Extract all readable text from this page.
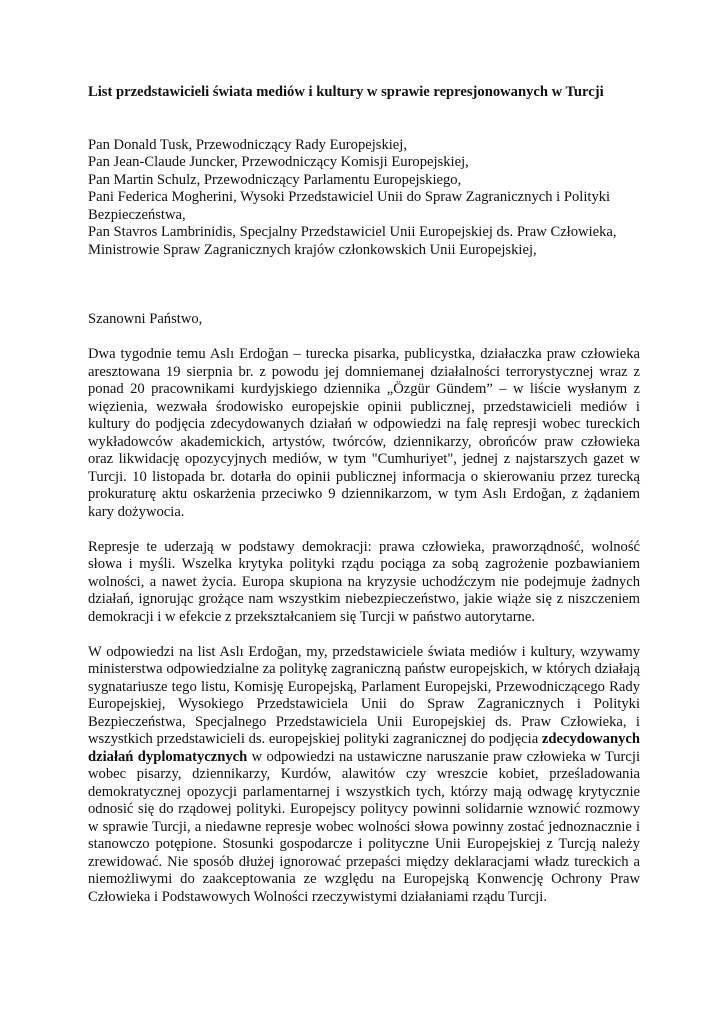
List przedstawicieli świata mediów i kultury w sprawie represjonowanych w Turcji

Pan Donald Tusk, Przewodniczący Rady Europejskiej,
Pan Jean-Claude Juncker, Przewodniczący Komisji Europejskiej,
Pan Martin Schulz, Przewodniczący Parlamentu Europejskiego,
Pani Federica Mogherini, Wysoki Przedstawiciel Unii do Spraw Zagranicznych i Polityki Bezpieczeństwa,
Pan Stavros Lambrinidis, Specjalny Przedstawiciel Unii Europejskiej ds. Praw Człowieka,
Ministrowie Spraw Zagranicznych krajów członkowskich Unii Europejskiej,
Szanowni Państwo,
Dwa tygodnie temu Aslı Erdoğan – turecka pisarka, publicystka, działaczka praw człowieka aresztowana 19 sierpnia br. z powodu jej domniemanej działalności terrorystycznej wraz z ponad 20 pracownikami kurdyjskiego dziennika „Özgür Gündem” – w liście wysłanym z więzienia, wezwała środowisko europejskie opinii publicznej, przedstawicieli mediów i kultury do podjęcia zdecydowanych działań w odpowiedzi na falę represji wobec tureckich wykładowców akademickich, artystów, twórców, dziennikarzy, obrońców praw człowieka oraz likwidację opozycyjnych mediów, w tym "Cumhuriyet", jednej z najstarszych gazet w Turcji. 10 listopada br. dotarła do opinii publicznej informacja o skierowaniu przez turecką prokuraturę aktu oskarżenia przeciwko 9 dziennikarzom, w tym Aslı Erdoğan, z żądaniem kary dożywocia.
Represje te uderzają w podstawy demokracji: prawa człowieka, praworządność, wolność słowa i myśli. Wszelka krytyka polityki rządu pociąga za sobą zagrożenie pozbawianiem wolności, a nawet życia. Europa skupiona na kryzysie uchodźczym nie podejmuje żadnych działań, ignorując grożące nam wszystkim niebezpieczeństwo, jakie wiąże się z niszczeniem demokracji i w efekcie z przekształcaniem się Turcji w państwo autorytarne.
W odpowiedzi na list Aslı Erdoğan, my, przedstawiciele świata mediów i kultury, wzywamy ministerstwa odpowiedzialne za politykę zagraniczną państw europejskich, w których działają sygnatariusze tego listu, Komisję Europejską, Parlament Europejski, Przewodniczącego Rady Europejskiej, Wysokiego Przedstawiciela Unii do Spraw Zagranicznych i Polityki Bezpieczeństwa, Specjalnego Przedstawiciela Unii Europejskiej ds. Praw Człowieka, i wszystkich przedstawicieli ds. europejskiej polityki zagranicznej do podjęcia zdecydowanych działań dyplomatycznych w odpowiedzi na ustawiczne naruszanie praw człowieka w Turcji wobec pisarzy, dziennikarzy, Kurdów, alawitów czy wreszcie kobiet, prześladowania demokratycznej opozycji parlamentarnej i wszystkich tych, którzy mają odwagę krytycznie odnosić się do rządowej polityki. Europejscy politycy powinni solidarnie wznowić rozmowy w sprawie Turcji, a niedawne represje wobec wolności słowa powinny zostać jednoznacznie i stanowczo potępione. Stosunki gospodarcze i polityczne Unii Europejskiej z Turcją należy zrewidować. Nie sposób dłużej ignorować przepaści między deklaracjami władz tureckich a niemożliwymi do zaakceptowania ze względu na Europejską Konwencję Ochrony Praw Człowieka i Podstawowych Wolności rzeczywistymi działaniami rządu Turcji.
